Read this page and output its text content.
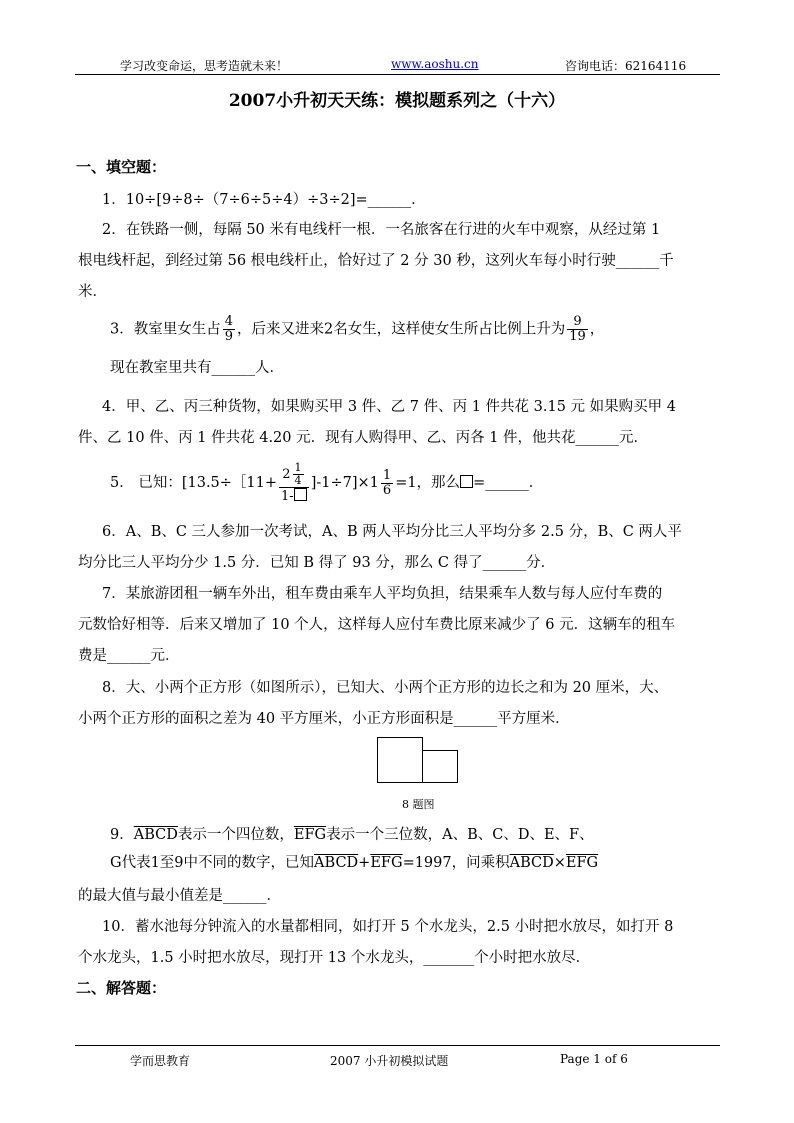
学习改变命运，思考造就未来！	www.aoshu.cn	咨询电话：62164116
2007小升初天天练：模拟题系列之（十六）
一、填空题：
1．10÷[9÷8÷（7÷6÷5÷4）÷3÷2]=______．
2．在铁路一侧，每隔 50 米有电线杆一根．一名旅客在行进的火车中观察，从经过第 1
根电线杆起，到经过第 56 根电线杆止，恰好过了 2 分 30 秒，这列火车每小时行驶______千
米．
3．教室里女生占 $\frac{4}{9}$ ，后来又进来2名女生，这样使女生所占比例上升为 $\frac{9}{19}$ ，
现在教室里共有______人．
4．甲、乙、丙三种货物，如果购买甲 3 件、乙 7 件、丙 1 件共花 3.15 元 如果购买甲 4
件、乙 10 件、丙 1 件共花 4.20 元．现有人购得甲、乙、丙各 1 件，他共花______元．
5． 已知：[13.5÷［11+ $\frac{2 \frac{1}{4}}{1-} ]-1\div 7]\times 1 \frac{1}{6} =1$，那么 =______．
6．A、B、C 三人参加一次考试，A、B 两人平均分比三人平均分多 2.5 分，B、C 两人平
均分比三人平均分少 1.5 分．已知 B 得了 93 分，那么 C 得了______分．
7．某旅游团租一辆车外出，租车费由乘车人平均负担，结果乘车人数与每人应付车费的
元数恰好相等．后来又增加了 10 个人，这样每人应付车费比原来减少了 6 元．这辆车的租车
费是______元．
8．大、小两个正方形（如图所示），已知大、小两个正方形的边长之和为 20 厘米，大、
小两个正方形的面积之差为 40 平方厘米，小正方形面积是______平方厘米．
8 题图
9．ABCD表示一个四位数，$\overline{EFG}$表示一个三位数，A、B、C、D、E、F、
G代表1至9中不同的数字，已知$ABCD+\overline{EFG}=1997$，问乘积$ABCD\times\overline{EFG}$
的最大值与最小值差是______．
10．蓄水池每分钟流入的水量都相同，如打开 5 个水龙头，2.5 小时把水放尽，如打开 8
个水龙头，1.5 小时把水放尽，现打开 13 个水龙头，_______个小时把水放尽．
二、解答题：
学而思教育	2007 小升初模拟试题	Page 1 of 6
